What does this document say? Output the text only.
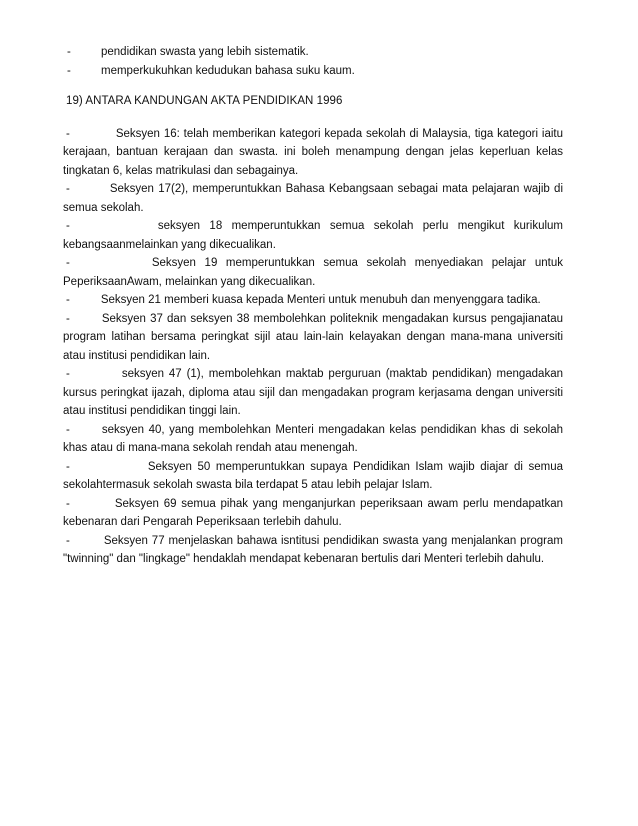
-	pendidikan swasta yang lebih sistematik.

-	memperkukuhkan kedudukan bahasa suku kaum.

19) ANTARA KANDUNGAN AKTA PENDIDIKAN 1996

-	Seksyen 16: telah memberikan kategori kepada sekolah di Malaysia, tiga kategori iaitu kerajaan, bantuan kerajaan dan swasta. ini boleh menampung dengan jelas keperluan kelas tingkatan 6, kelas matrikulasi dan sebagainya.

-	Seksyen 17(2), memperuntukkan Bahasa Kebangsaan sebagai mata pelajaran wajib di semua sekolah.

-	seksyen 18 memperuntukkan semua sekolah perlu mengikut kurikulum kebangsaanmelainkan yang dikecualikan.

-	Seksyen 19 memperuntukkan semua sekolah menyediakan pelajar untuk PeperiksaanAwam, melainkan yang dikecualikan.

-	Seksyen 21 memberi kuasa kepada Menteri untuk menubuh dan menyenggara tadika.

-	Seksyen 37 dan seksyen 38 membolehkan politeknik mengadakan kursus pengajianatau program latihan bersama peringkat sijil atau lain-lain kelayakan dengan mana-mana universiti atau institusi pendidikan lain.

-	seksyen 47 (1), membolehkan maktab perguruan (maktab pendidikan) mengadakan kursus peringkat ijazah, diploma atau sijil dan mengadakan program kerjasama dengan universiti atau institusi pendidikan tinggi lain.

-	seksyen 40, yang membolehkan Menteri mengadakan kelas pendidikan khas di sekolah khas atau di mana-mana sekolah rendah atau menengah.

-	Seksyen 50 memperuntukkan supaya Pendidikan Islam wajib diajar di semua sekolahtermasuk sekolah swasta bila terdapat 5 atau lebih pelajar Islam.

-	Seksyen 69 semua pihak yang menganjurkan peperiksaan awam perlu mendapatkan kebenaran dari Pengarah Peperiksaan terlebih dahulu.

-	Seksyen 77 menjelaskan bahawa isntitusi pendidikan swasta yang menjalankan program "twinning" dan "lingkage" hendaklah mendapat kebenaran bertulis dari Menteri terlebih dahulu.
